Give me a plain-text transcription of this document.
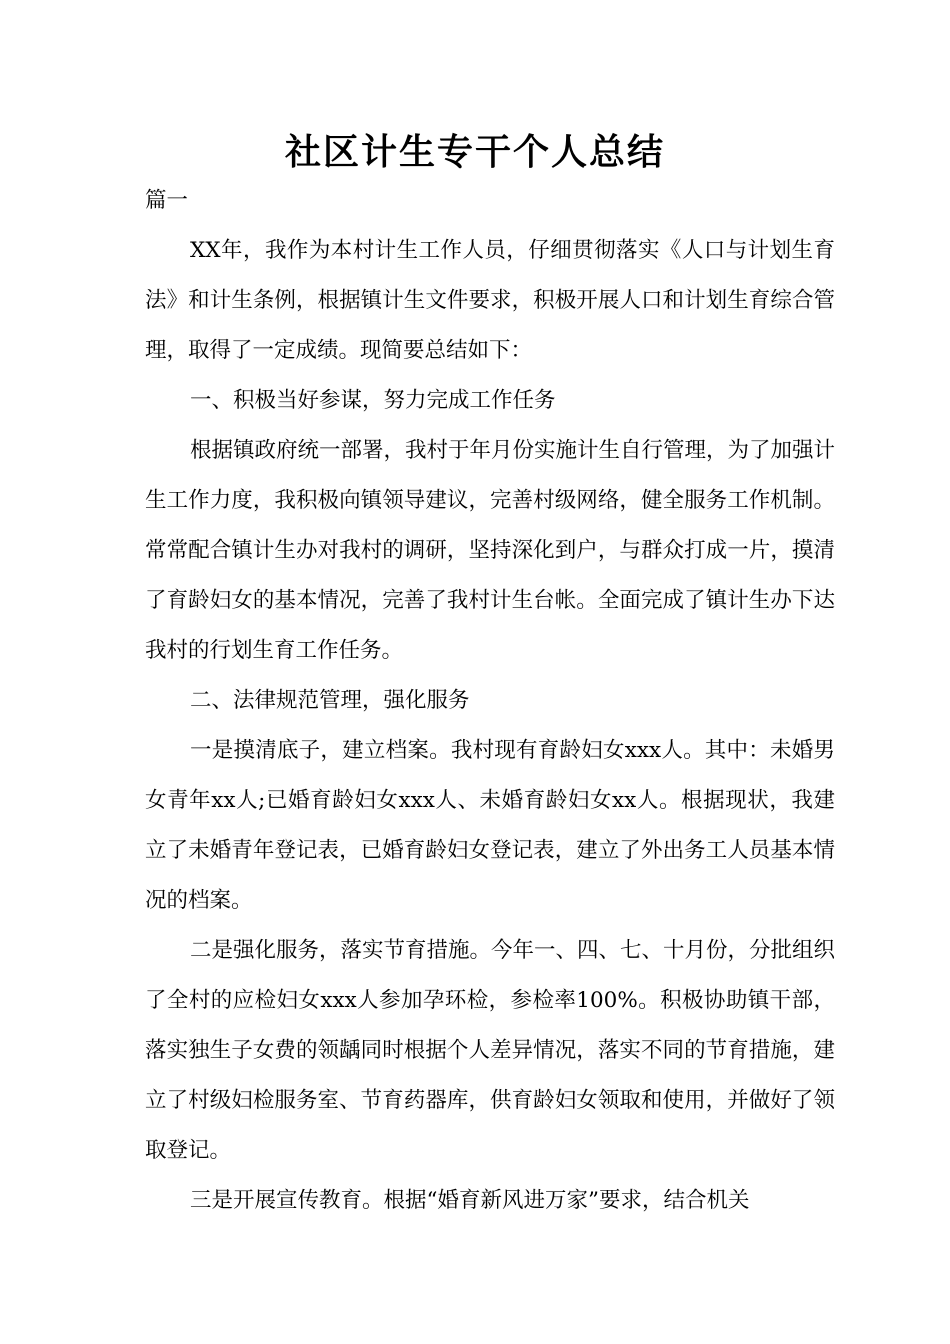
社区计生专干个人总结

篇一

XX年，我作为本村计生工作人员，仔细贯彻落实《人口与计划生育法》和计生条例，根据镇计生文件要求，积极开展人口和计划生育综合管理，取得了一定成绩。现简要总结如下：

一、积极当好参谋，努力完成工作任务

根据镇政府统一部署，我村于年月份实施计生自行管理，为了加强计生工作力度，我积极向镇领导建议，完善村级网络，健全服务工作机制。常常配合镇计生办对我村的调研，坚持深化到户，与群众打成一片，摸清了育龄妇女的基本情况，完善了我村计生台帐。全面完成了镇计生办下达我村的行划生育工作任务。

二、法律规范管理，强化服务

一是摸清底子，建立档案。我村现有育龄妇女xxx人。其中：未婚男女青年xx人;已婚育龄妇女xxx人、未婚育龄妇女xx人。根据现状，我建立了未婚青年登记表，已婚育龄妇女登记表，建立了外出务工人员基本情况的档案。

二是强化服务，落实节育措施。今年一、四、七、十月份，分批组织了全村的应检妇女xxx人参加孕环检，参检率100%。积极协助镇干部，落实独生子女费的领龋同时根据个人差异情况，落实不同的节育措施，建立了村级妇检服务室、节育药器库，供育龄妇女领取和使用，并做好了领取登记。

三是开展宣传教育。根据“婚育新风进万家”要求，结合机关
